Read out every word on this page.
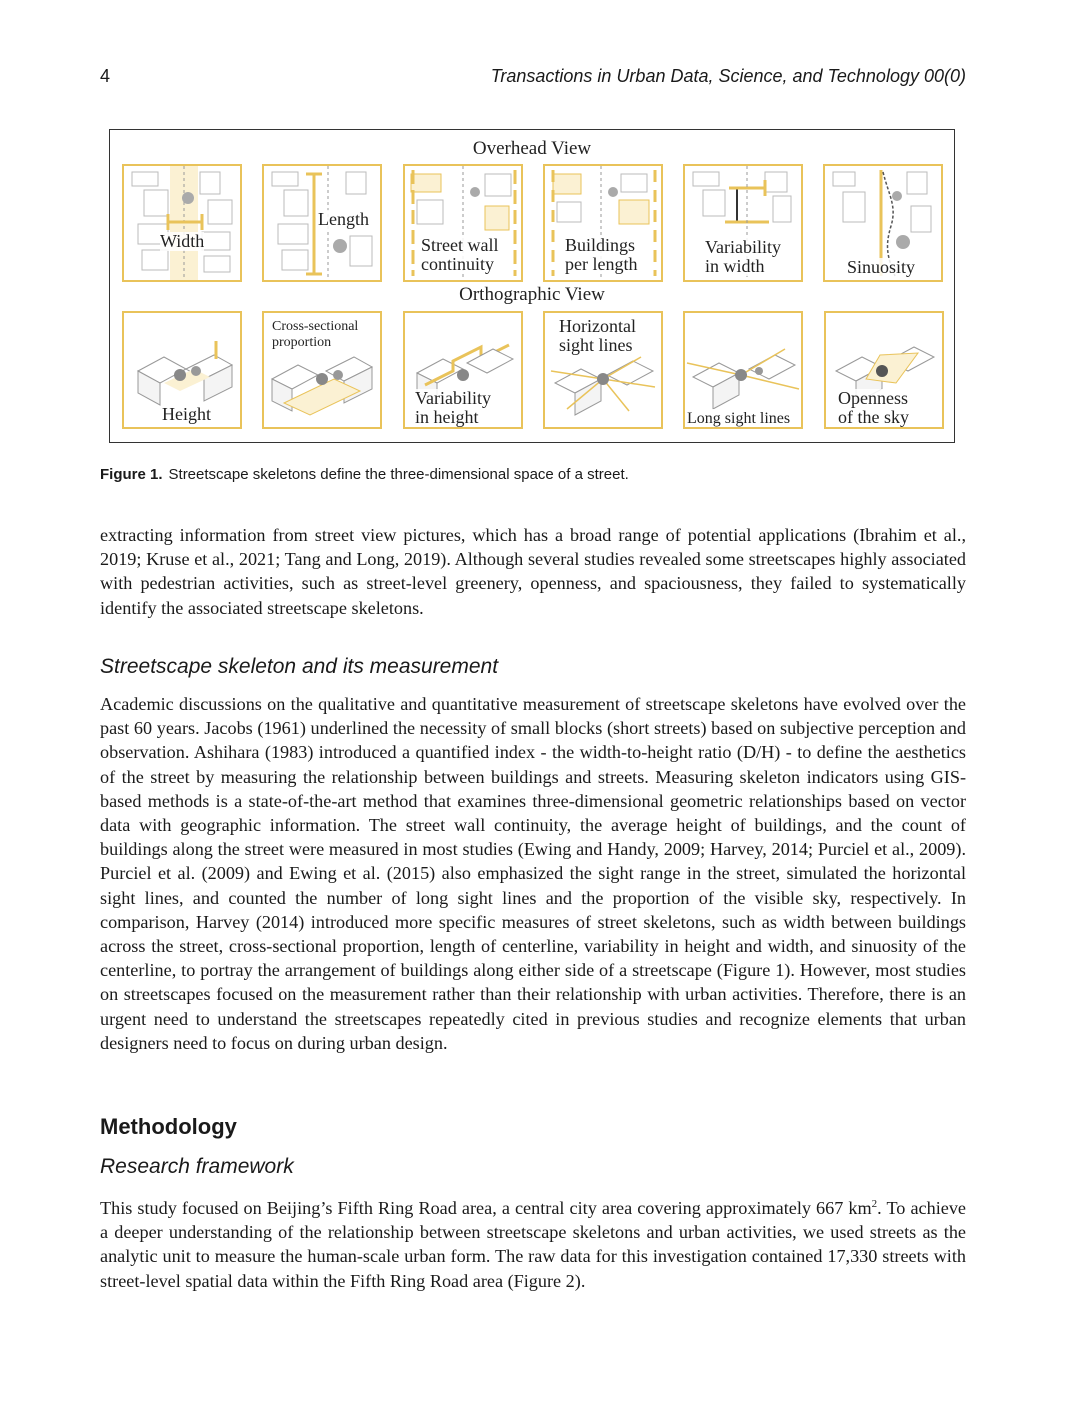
4	Transactions in Urban Data, Science, and Technology 00(0)
Overhead View
Width
Length
Street wall
continuity
Buildings
per length
Variability
in width	Sinuosity
Orthographic View
Height
Cross-sectional
proportion
Variability
in height
Horizontal
sight lines
Long sight lines
Openness
of the sky
Figure 1. Streetscape skeletons define the three-dimensional space of a street.

extracting information from street view pictures, which has a broad range of potential applications (Ibrahim et al., 2019; Kruse et al., 2021; Tang and Long, 2019). Although several studies revealed some streetscapes highly associated with pedestrian activities, such as street-level greenery, openness, and spaciousness, they failed to systematically identify the associated streetscape skeletons.

Streetscape skeleton and its measurement

Academic discussions on the qualitative and quantitative measurement of streetscape skeletons have evolved over the past 60 years. Jacobs (1961) underlined the necessity of small blocks (short streets) based on subjective perception and observation. Ashihara (1983) introduced a quantified index - the width-to-height ratio (D/H) - to define the aesthetics of the street by measuring the relationship between buildings and streets. Measuring skeleton indicators using GIS-based methods is a state-of-the-art method that examines three-dimensional geometric relationships based on vector data with geographic information. The street wall continuity, the average height of buildings, and the count of buildings along the street were measured in most studies (Ewing and Handy, 2009; Harvey, 2014; Purciel et al., 2009). Purciel et al. (2009) and Ewing et al. (2015) also emphasized the sight range in the street, simulated the horizontal sight lines, and counted the number of long sight lines and the proportion of the visible sky, respectively. In comparison, Harvey (2014) introduced more specific measures of street skeletons, such as width between buildings across the street, cross-sectional proportion, length of centerline, variability in height and width, and sinuosity of the centerline, to portray the arrangement of buildings along either side of a streetscape (Figure 1). However, most studies on streetscapes focused on the measurement rather than their relationship with urban activities. Therefore, there is an urgent need to understand the streetscapes repeatedly cited in previous studies and recognize elements that urban designers need to focus on during urban design.

Methodology
Research framework

This study focused on Beijing’s Fifth Ring Road area, a central city area covering approximately 667 $km^2$. To achieve a deeper understanding of the relationship between streetscape skeletons and urban activities, we used streets as the analytic unit to measure the human-scale urban form. The raw data for this investigation contained 17,330 streets with street-level spatial data within the Fifth Ring Road area (Figure 2).
